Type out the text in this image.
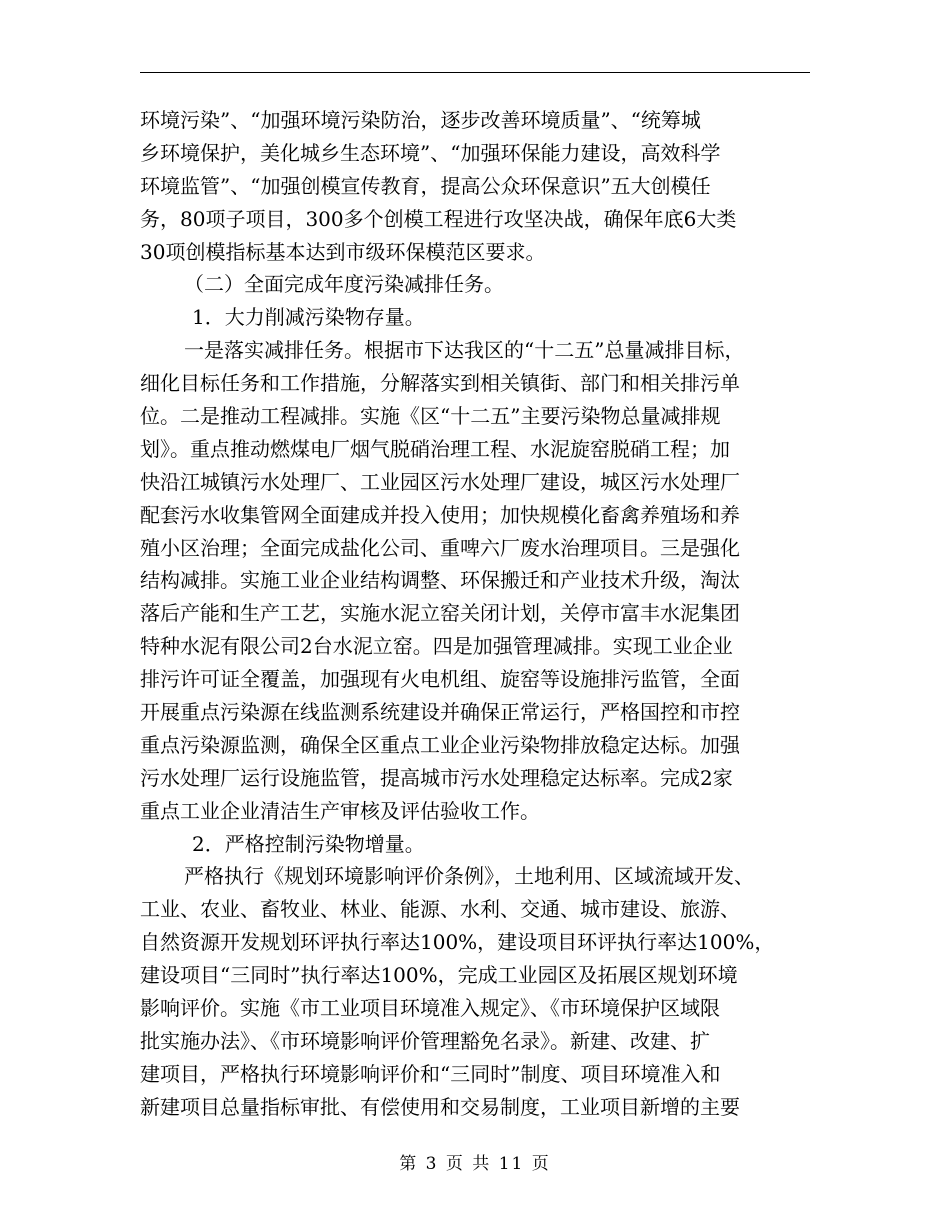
环境污染”、“加强环境污染防治，逐步改善环境质量”、“统筹城
乡环境保护，美化城乡生态环境”、“加强环保能力建设，高效科学
环境监管”、“加强创模宣传教育，提高公众环保意识”五大创模任
务，80项子项目，300多个创模工程进行攻坚决战，确保年底6大类
30项创模指标基本达到市级环保模范区要求。
（二）全面完成年度污染减排任务。
1．大力削减污染物存量。
一是落实减排任务。根据市下达我区的“十二五”总量减排目标，
细化目标任务和工作措施，分解落实到相关镇街、部门和相关排污单
位。二是推动工程减排。实施《区“十二五”主要污染物总量减排规
划》。重点推动燃煤电厂烟气脱硝治理工程、水泥旋窑脱硝工程；加
快沿江城镇污水处理厂、工业园区污水处理厂建设，城区污水处理厂
配套污水收集管网全面建成并投入使用；加快规模化畜禽养殖场和养
殖小区治理；全面完成盐化公司、重啤六厂废水治理项目。三是强化
结构减排。实施工业企业结构调整、环保搬迁和产业技术升级，淘汰
落后产能和生产工艺，实施水泥立窑关闭计划，关停市富丰水泥集团
特种水泥有限公司2台水泥立窑。四是加强管理减排。实现工业企业
排污许可证全覆盖，加强现有火电机组、旋窑等设施排污监管，全面
开展重点污染源在线监测系统建设并确保正常运行，严格国控和市控
重点污染源监测，确保全区重点工业企业污染物排放稳定达标。加强
污水处理厂运行设施监管，提高城市污水处理稳定达标率。完成2家
重点工业企业清洁生产审核及评估验收工作。
2．严格控制污染物增量。
严格执行《规划环境影响评价条例》，土地利用、区域流域开发、
工业、农业、畜牧业、林业、能源、水利、交通、城市建设、旅游、
自然资源开发规划环评执行率达100%，建设项目环评执行率达100%，
建设项目“三同时”执行率达100%，完成工业园区及拓展区规划环境
影响评价。实施《市工业项目环境准入规定》、《市环境保护区域限
批实施办法》、《市环境影响评价管理豁免名录》。新建、改建、扩
建项目，严格执行环境影响评价和“三同时”制度、项目环境准入和
新建项目总量指标审批、有偿使用和交易制度，工业项目新增的主要
第 3 页 共 11 页
